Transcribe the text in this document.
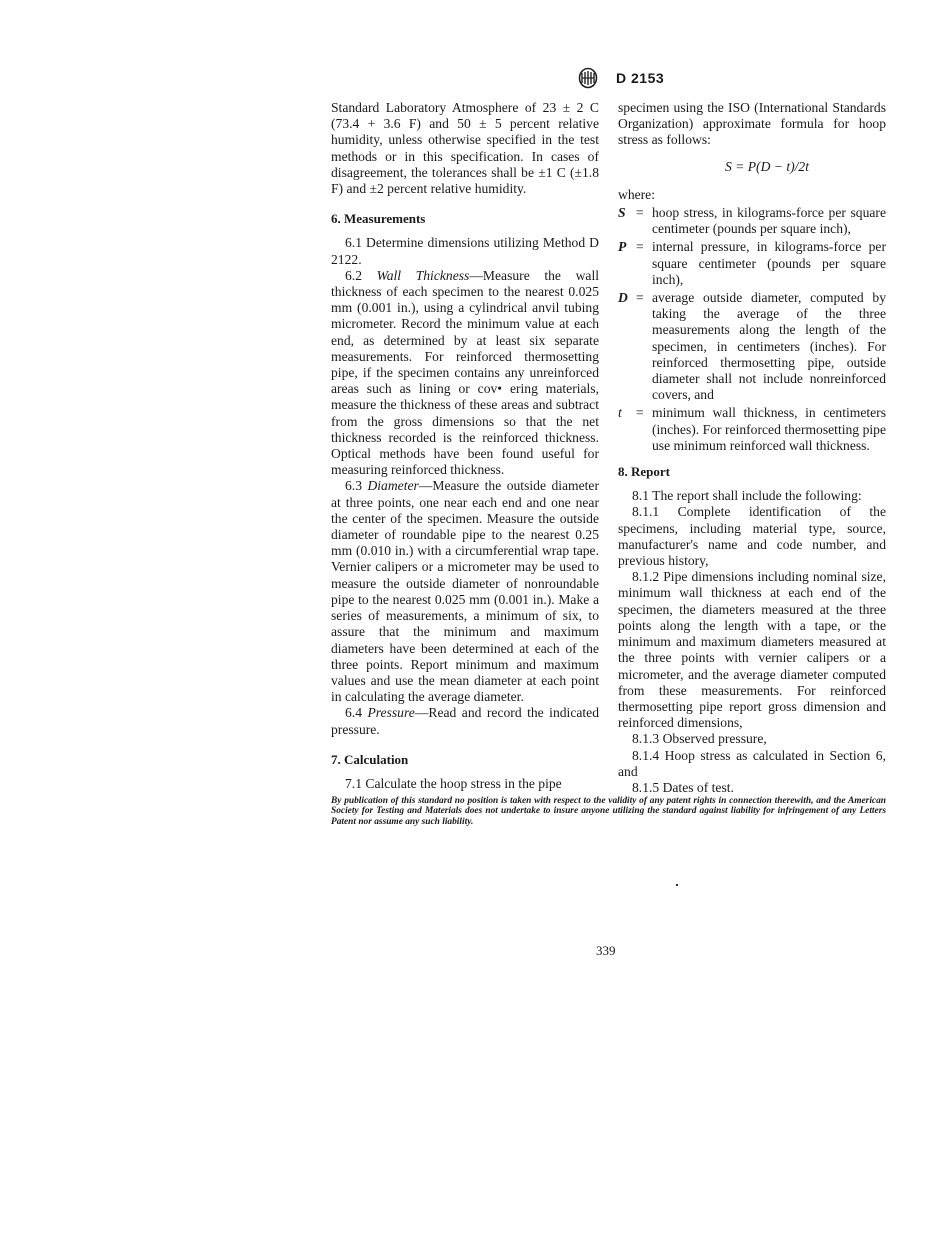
D 2153

Standard Laboratory Atmosphere of 23 ± 2 C (73.4 + 3.6 F) and 50 ± 5 percent relative humidity, unless otherwise specified in the test methods or in this specification. In cases of disagreement, the tolerances shall be ±1 C (±1.8 F) and ±2 percent relative humidity.

6. Measurements

6.1 Determine dimensions utilizing Method D 2122.

6.2 Wall Thickness—Measure the wall thickness of each specimen to the nearest 0.025 mm (0.001 in.), using a cylindrical anvil tubing micrometer. Record the minimum value at each end, as determined by at least six separate measurements. For reinforced thermosetting pipe, if the specimen contains any unreinforced areas such as lining or cov• ering materials, measure the thickness of these areas and subtract from the gross dimensions so that the net thickness recorded is the reinforced thickness. Optical methods have been found useful for measuring reinforced thickness.

6.3 Diameter—Measure the outside diameter at three points, one near each end and one near the center of the specimen. Measure the outside diameter of roundable pipe to the nearest 0.25 mm (0.010 in.) with a circumferential wrap tape. Vernier calipers or a micrometer may be used to measure the outside diameter of nonroundable pipe to the nearest 0.025 mm (0.001 in.). Make a series of measurements, a minimum of six, to assure that the minimum and maximum diameters have been determined at each of the three points. Report minimum and maximum values and use the mean diameter at each point in calculating the average diameter.

6.4 Pressure—Read and record the indicated pressure.

7. Calculation

7.1 Calculate the hoop stress in the pipe

specimen using the ISO (International Standards Organization) approximate formula for hoop stress as follows:

S = P(D − t)/2t

where:

S = hoop stress, in kilograms-force per square centimeter (pounds per square inch),
P = internal pressure, in kilograms-force per square centimeter (pounds per square inch),
D = average outside diameter, computed by taking the average of the three measurements along the length of the specimen, in centimeters (inches). For reinforced thermosetting pipe, outside diameter shall not include nonreinforced covers, and
t	= minimum wall thickness, in centimeters (inches). For reinforced thermosetting pipe use minimum reinforced wall thickness.
8. Report

8.1 The report shall include the following:

8.1.1 Complete identification of the specimens, including material type, source, manufacturer's name and code number, and previous history,

8.1.2 Pipe dimensions including nominal size, minimum wall thickness at each end of the specimen, the diameters measured at the three points along the length with a tape, or the minimum and maximum diameters measured at the three points with vernier calipers or a micrometer, and the average diameter computed from these measurements. For reinforced thermosetting pipe report gross dimension and reinforced dimensions,

8.1.3 Observed pressure,

8.1.4 Hoop stress as calculated in Section 6, and

8.1.5 Dates of test.

By publication of this standard no position is taken with respect to the validity of any patent rights in connection therewith, and the American Society for Testing and Materials does not undertake to insure anyone utilizing the standard against liability for infringement of any Letters Patent nor assume any such liability.
339
